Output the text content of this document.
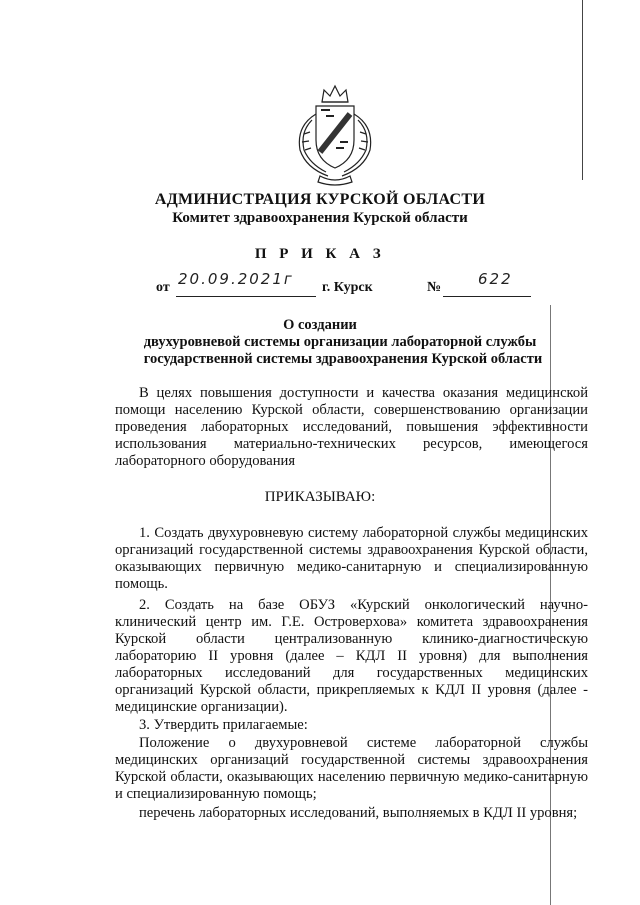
АДМИНИСТРАЦИЯ КУРСКОЙ ОБЛАСТИ
Комитет здравоохранения Курской области
П Р И К А З
от 20.09.2021г г. Курск	№ 622
О создании
двухуровневой системы организации лабораторной службы
государственной системы здравоохранения Курской области

В целях повышения доступности и качества оказания медицинской помощи населению Курской области, совершенствованию организации проведения лабораторных исследований, повышения эффективности использования материально-технических ресурсов, имеющегося лабораторного оборудования

ПРИКАЗЫВАЮ:

1. Создать двухуровневую систему лабораторной службы медицинских организаций государственной системы здравоохранения Курской области, оказывающих первичную медико-санитарную и специализированную помощь.

2. Создать на базе ОБУЗ «Курский онкологический научно-клинический центр им. Г.Е. Островерхова» комитета здравоохранения Курской области централизованную клинико-диагностическую лабораторию II уровня (далее – КДЛ II уровня) для выполнения лабораторных исследований для государственных медицинских организаций Курской области, прикрепляемых к КДЛ II уровня (далее - медицинские организации).

3. Утвердить прилагаемые:

Положение о двухуровневой системе лабораторной службы медицинских организаций государственной системы здравоохранения Курской области, оказывающих населению первичную медико-санитарную и специализированную помощь;

перечень лабораторных исследований, выполняемых в КДЛ II уровня;
